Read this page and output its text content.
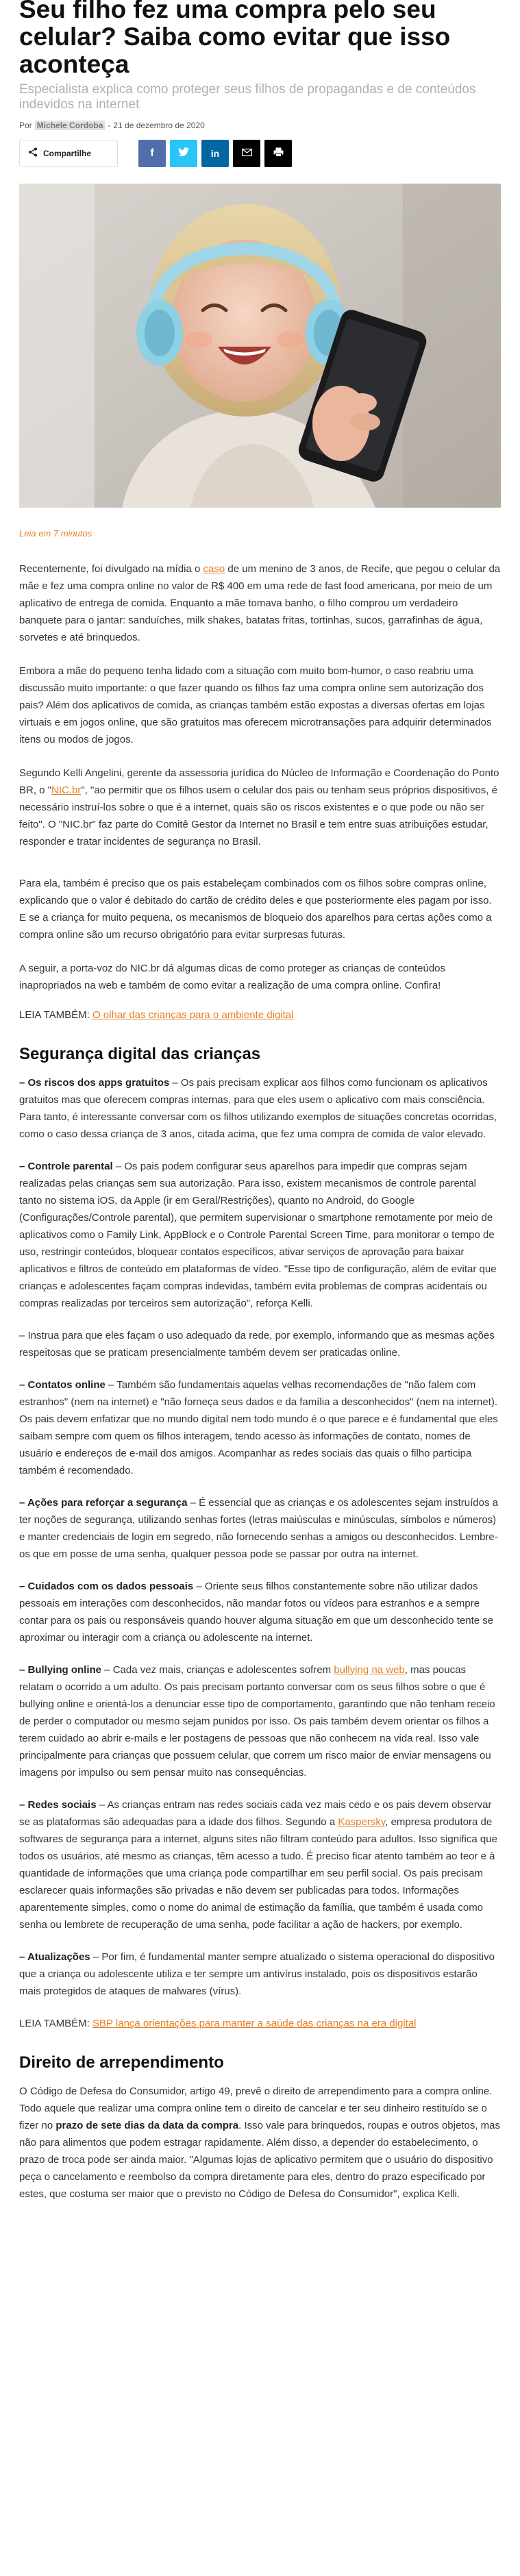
Seu filho fez uma compra pelo seu celular? Saiba como evitar que isso aconteça
Especialista explica como proteger seus filhos de propagandas e de conteúdos indevidos na internet
Por Michele Cordoba - 21 de dezembro de 2020
Compartilhe	f	in
Leia em 7 minutos

Recentemente, foi divulgado na mídia o caso de um menino de 3 anos, de Recife, que pegou o celular da mãe e fez uma compra online no valor de R$ 400 em uma rede de fast food americana, por meio de um aplicativo de entrega de comida. Enquanto a mãe tomava banho, o filho comprou um verdadeiro banquete para o jantar: sanduíches, milk shakes, batatas fritas, tortinhas, sucos, garrafinhas de água, sorvetes e até brinquedos.

Embora a mãe do pequeno tenha lidado com a situação com muito bom-humor, o caso reabriu uma discussão muito importante: o que fazer quando os filhos faz uma compra online sem autorização dos pais? Além dos aplicativos de comida, as crianças também estão expostas a diversas ofertas em lojas virtuais e em jogos online, que são gratuitos mas oferecem microtransações para adquirir determinados itens ou modos de jogos.

Segundo Kelli Angelini, gerente da assessoria jurídica do Núcleo de Informação e Coordenação do Ponto BR, o "NIC.br", "ao permitir que os filhos usem o celular dos pais ou tenham seus próprios dispositivos, é necessário instruí-los sobre o que é a internet, quais são os riscos existentes e o que pode ou não ser feito". O "NIC.br" faz parte do Comitê Gestor da Internet no Brasil e tem entre suas atribuições estudar, responder e tratar incidentes de segurança no Brasil.

Para ela, também é preciso que os pais estabeleçam combinados com os filhos sobre compras online, explicando que o valor é debitado do cartão de crédito deles e que posteriormente eles pagam por isso. E se a criança for muito pequena, os mecanismos de bloqueio dos aparelhos para certas ações como a compra online são um recurso obrigatório para evitar surpresas futuras.

A seguir, a porta-voz do NIC.br dá algumas dicas de como proteger as crianças de conteúdos inapropriados na web e também de como evitar a realização de uma compra online. Confira!

LEIA TAMBÉM: O olhar das crianças para o ambiente digital

Segurança digital das crianças

– Os riscos dos apps gratuitos – Os pais precisam explicar aos filhos como funcionam os aplicativos gratuitos mas que oferecem compras internas, para que eles usem o aplicativo com mais consciência. Para tanto, é interessante conversar com os filhos utilizando exemplos de situações concretas ocorridas, como o caso dessa criança de 3 anos, citada acima, que fez uma compra de comida de valor elevado.

– Controle parental – Os pais podem configurar seus aparelhos para impedir que compras sejam realizadas pelas crianças sem sua autorização. Para isso, existem mecanismos de controle parental tanto no sistema iOS, da Apple (ir em Geral/Restrições), quanto no Android, do Google (Configurações/Controle parental), que permitem supervisionar o smartphone remotamente por meio de aplicativos como o Family Link, AppBlock e o Controle Parental Screen Time, para monitorar o tempo de uso, restringir conteúdos, bloquear contatos específicos, ativar serviços de aprovação para baixar aplicativos e filtros de conteúdo em plataformas de vídeo. "Esse tipo de configuração, além de evitar que crianças e adolescentes façam compras indevidas, também evita problemas de compras acidentais ou compras realizadas por terceiros sem autorização", reforça Kelli.

– Instrua para que eles façam o uso adequado da rede, por exemplo, informando que as mesmas ações respeitosas que se praticam presencialmente também devem ser praticadas online.

– Contatos online – Também são fundamentais aquelas velhas recomendações de "não falem com estranhos" (nem na internet) e "não forneça seus dados e da família a desconhecidos" (nem na internet). Os pais devem enfatizar que no mundo digital nem todo mundo é o que parece e é fundamental que eles saibam sempre com quem os filhos interagem, tendo acesso às informações de contato, nomes de usuário e endereços de e-mail dos amigos. Acompanhar as redes sociais das quais o filho participa também é recomendado.

– Ações para reforçar a segurança – É essencial que as crianças e os adolescentes sejam instruídos a ter noções de segurança, utilizando senhas fortes (letras maiúsculas e minúsculas, símbolos e números) e manter credenciais de login em segredo, não fornecendo senhas a amigos ou desconhecidos. Lembre-os que em posse de uma senha, qualquer pessoa pode se passar por outra na internet.

– Cuidados com os dados pessoais – Oriente seus filhos constantemente sobre não utilizar dados pessoais em interações com desconhecidos, não mandar fotos ou vídeos para estranhos e a sempre contar para os pais ou responsáveis quando houver alguma situação em que um desconhecido tente se aproximar ou interagir com a criança ou adolescente na internet.

– Bullying online – Cada vez mais, crianças e adolescentes sofrem bullying na web, mas poucas relatam o ocorrido a um adulto. Os pais precisam portanto conversar com os seus filhos sobre o que é bullying online e orientá-los a denunciar esse tipo de comportamento, garantindo que não tenham receio de perder o computador ou mesmo sejam punidos por isso. Os pais também devem orientar os filhos a terem cuidado ao abrir e-mails e ler postagens de pessoas que não conhecem na vida real. Isso vale principalmente para crianças que possuem celular, que correm um risco maior de enviar mensagens ou imagens por impulso ou sem pensar muito nas consequências.

– Redes sociais – As crianças entram nas redes sociais cada vez mais cedo e os pais devem observar se as plataformas são adequadas para a idade dos filhos. Segundo a Kaspersky, empresa produtora de softwares de segurança para a internet, alguns sites não filtram conteúdo para adultos. Isso significa que todos os usuários, até mesmo as crianças, têm acesso a tudo. É preciso ficar atento também ao teor e à quantidade de informações que uma criança pode compartilhar em seu perfil social. Os pais precisam esclarecer quais informações são privadas e não devem ser publicadas para todos. Informações aparentemente simples, como o nome do animal de estimação da família, que também é usada como senha ou lembrete de recuperação de uma senha, pode facilitar a ação de hackers, por exemplo.

– Atualizações – Por fim, é fundamental manter sempre atualizado o sistema operacional do dispositivo que a criança ou adolescente utiliza e ter sempre um antivírus instalado, pois os dispositivos estarão mais protegidos de ataques de malwares (vírus).

LEIA TAMBÉM: SBP lança orientações para manter a saúde das crianças na era digital

Direito de arrependimento

O Código de Defesa do Consumidor, artigo 49, prevê o direito de arrependimento para a compra online. Todo aquele que realizar uma compra online tem o direito de cancelar e ter seu dinheiro restituído se o fizer no prazo de sete dias da data da compra. Isso vale para brinquedos, roupas e outros objetos, mas não para alimentos que podem estragar rapidamente. Além disso, a depender do estabelecimento, o prazo de troca pode ser ainda maior. "Algumas lojas de aplicativo permitem que o usuário do dispositivo peça o cancelamento e reembolso da compra diretamente para eles, dentro do prazo especificado por estes, que costuma ser maior que o previsto no Código de Defesa do Consumidor", explica Kelli.
